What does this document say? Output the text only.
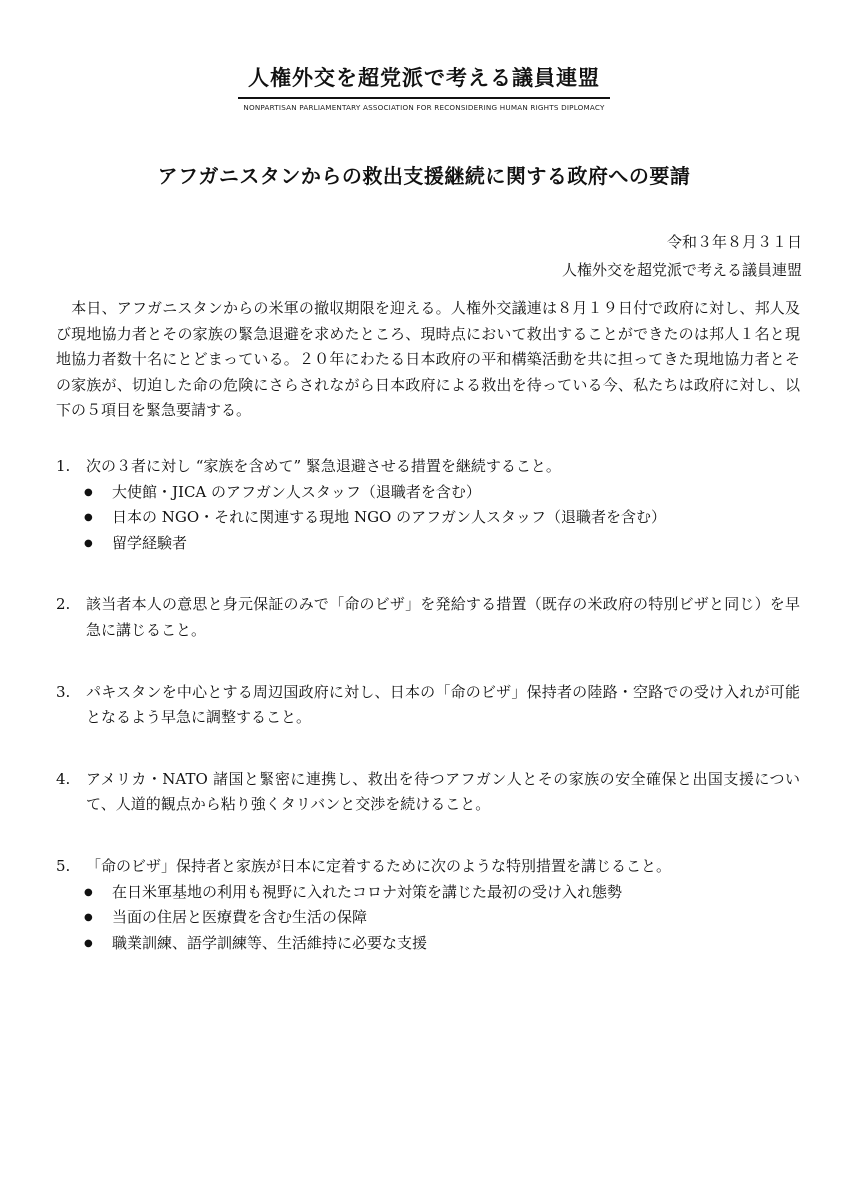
人権外交を超党派で考える議員連盟
NONPARTISAN PARLIAMENTARY ASSOCIATION FOR RECONSIDERING HUMAN RIGHTS DIPLOMACY
アフガニスタンからの救出支援継続に関する政府への要請
令和３年８月３１日
人権外交を超党派で考える議員連盟
　本日、アフガニスタンからの米軍の撤収期限を迎える。人権外交議連は８月１９日付で政府に対し、邦人及び現地協力者とその家族の緊急退避を求めたところ、現時点において救出することができたのは邦人１名と現地協力者数十名にとどまっている。２０年にわたる日本政府の平和構築活動を共に担ってきた現地協力者とその家族が、切迫した命の危険にさらされながら日本政府による救出を待っている今、私たちは政府に対し、以下の５項目を緊急要請する。
1.	次の３者に対し “家族を含めて” 緊急退避させる措置を継続すること。
●	大使館・JICA のアフガン人スタッフ（退職者を含む）
●	日本の NGO・それに関連する現地 NGO のアフガン人スタッフ（退職者を含む）
●	留学経験者
2.	該当者本人の意思と身元保証のみで「命のビザ」を発給する措置（既存の米政府の特別ビザと同じ）を早急に講じること。
3.	パキスタンを中心とする周辺国政府に対し、日本の「命のビザ」保持者の陸路・空路での受け入れが可能となるよう早急に調整すること。
4.	アメリカ・NATO 諸国と緊密に連携し、救出を待つアフガン人とその家族の安全確保と出国支援について、人道的観点から粘り強くタリバンと交渉を続けること。
5.	「命のビザ」保持者と家族が日本に定着するために次のような特別措置を講じること。
●	在日米軍基地の利用も視野に入れたコロナ対策を講じた最初の受け入れ態勢
●	当面の住居と医療費を含む生活の保障
●	職業訓練、語学訓練等、生活維持に必要な支援
